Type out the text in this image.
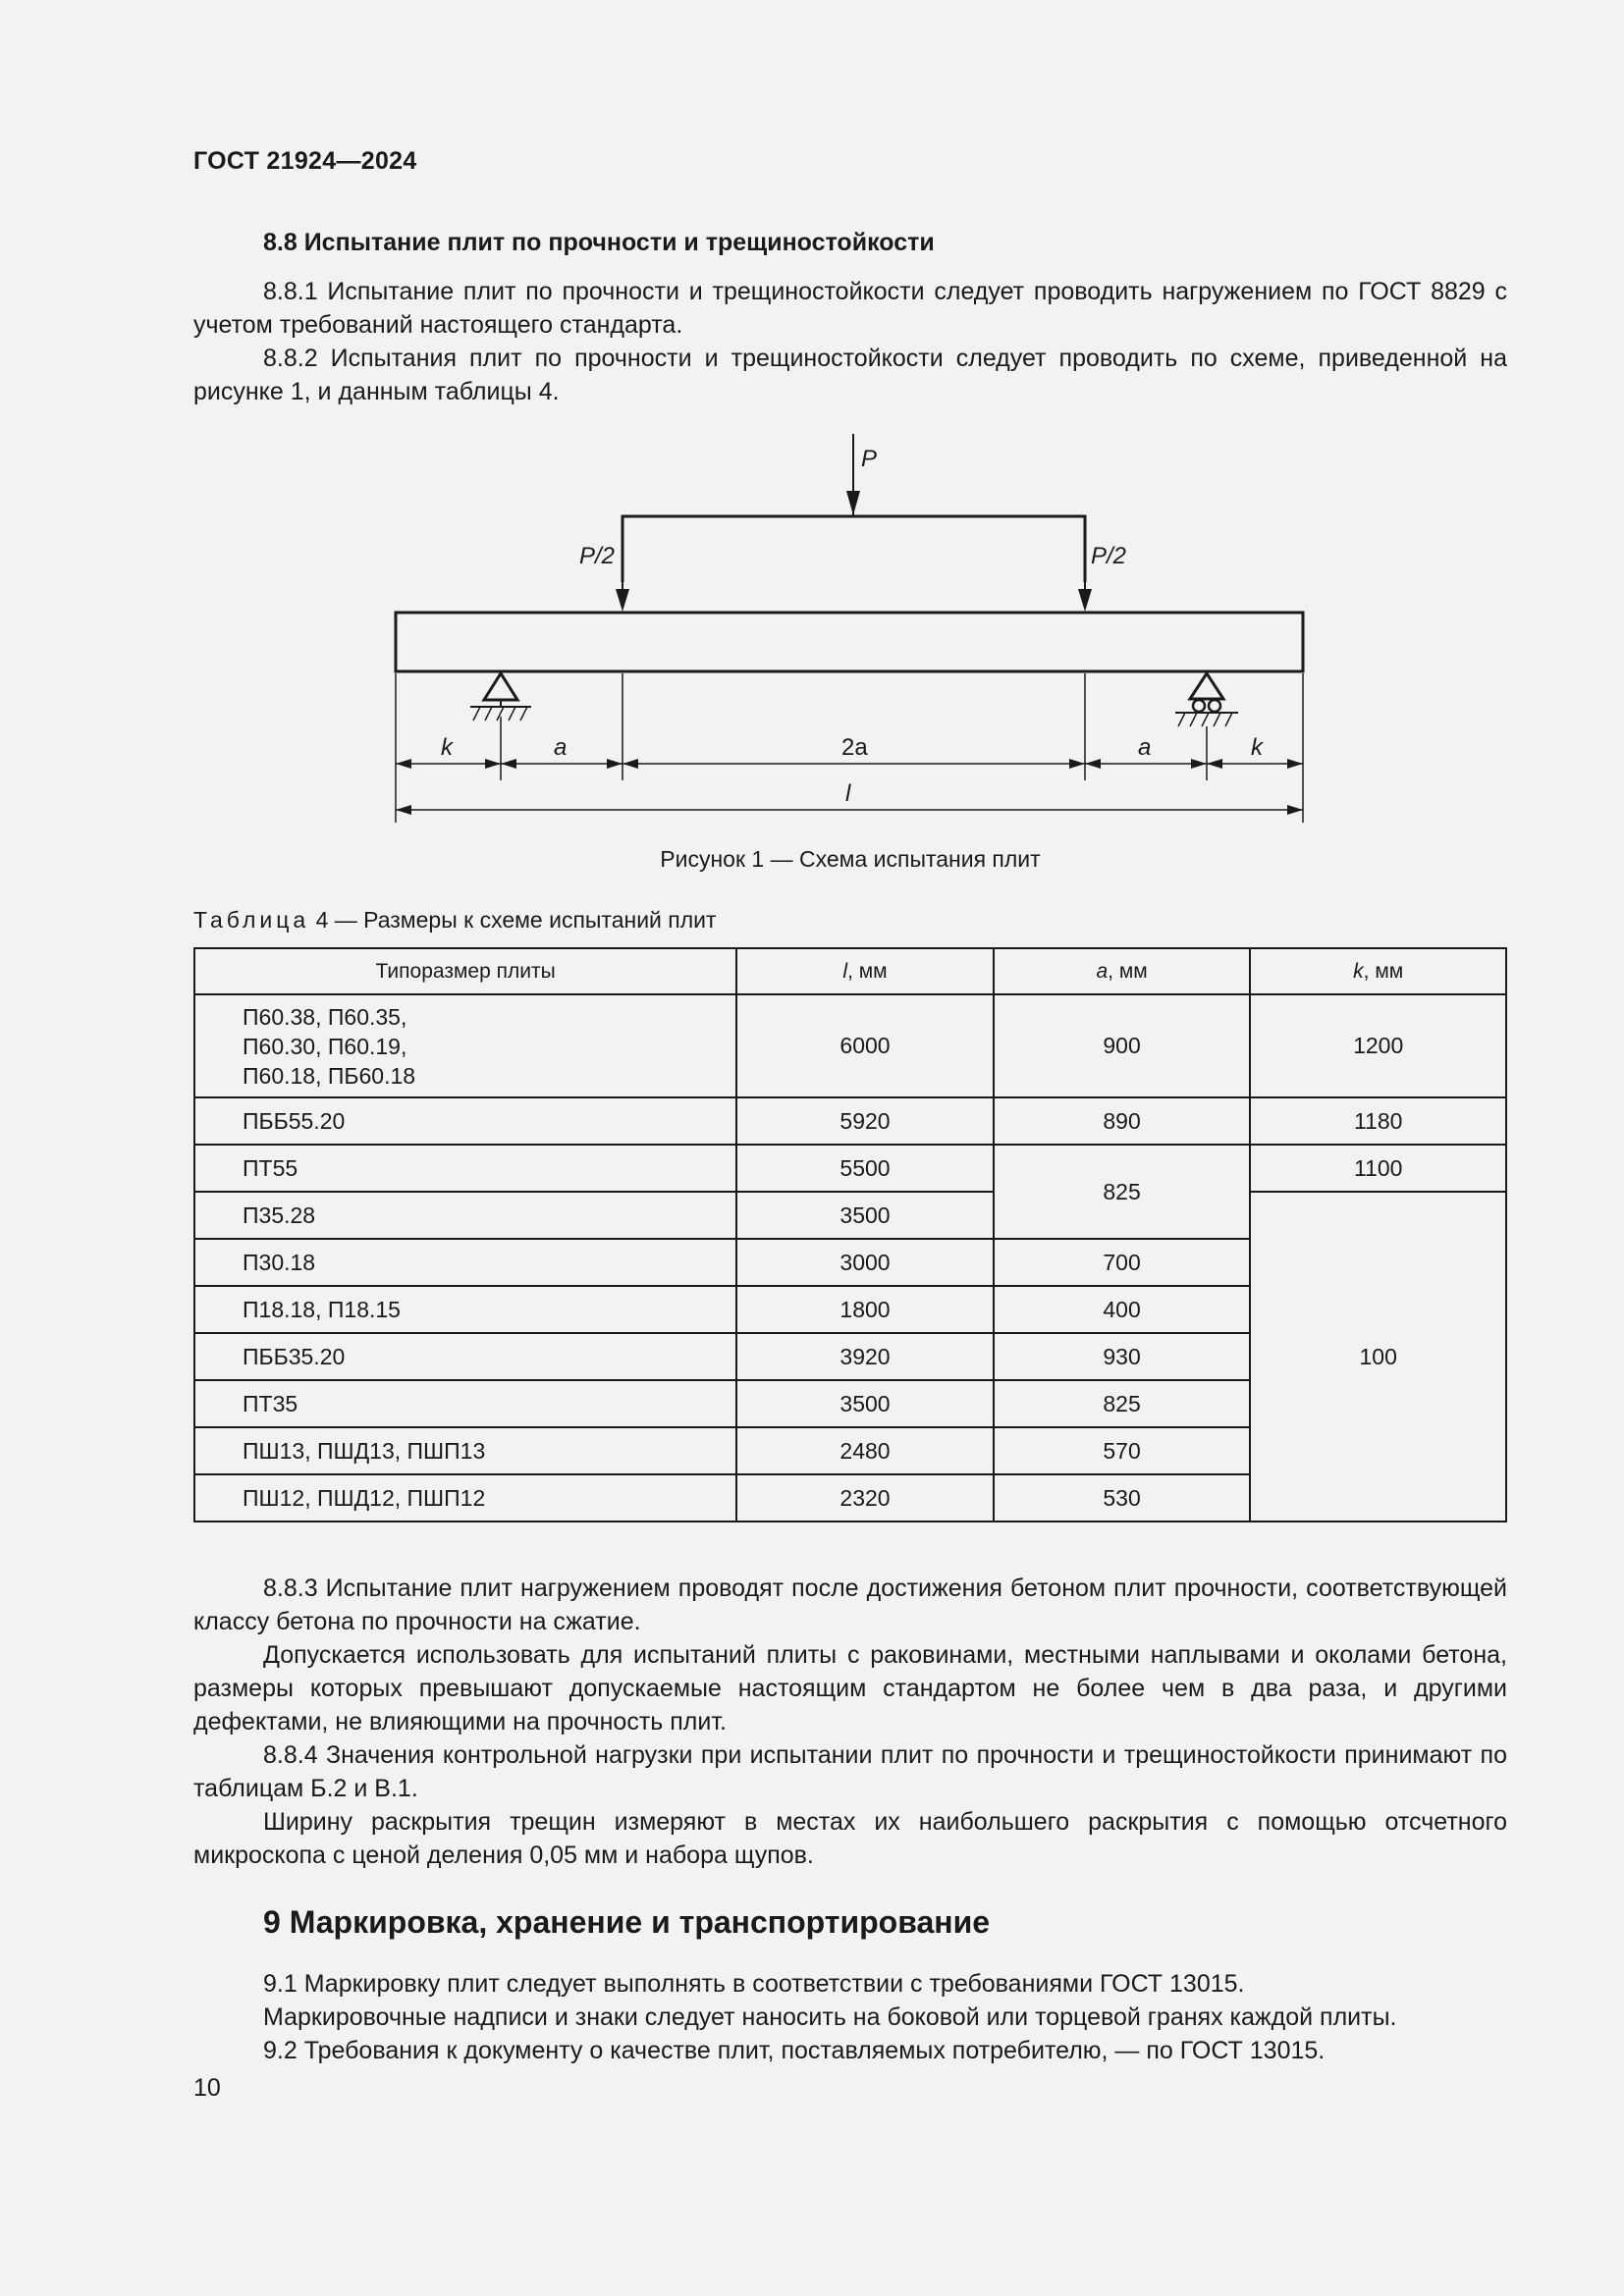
ГОСТ 21924—2024

8.8 Испытание плит по прочности и трещиностойкости

8.8.1 Испытание плит по прочности и трещиностойкости следует проводить нагружением по ГОСТ 8829 с учетом требований настоящего стандарта.

8.8.2 Испытания плит по прочности и трещиностойкости следует проводить по схеме, приведенной на рисунке 1, и данным таблицы 4.

P
P/2	P/2
k	a	2a	a	k
l
Рисунок 1 — Схема испытания плит
Таблица 4 — Размеры к схеме испытаний плит
Типоразмер плиты	l, мм	a, мм	k, мм

П60.38, П60.35,
П60.30, П60.19,
П60.18, ПБ60.18	6000	900	1200
ПББ55.20	5920	890	1180
ПТ55	5500	825	1100
П35.28	3500		100
П30.18	3000	700	
П18.18, П18.15	1800	400	
ПББ35.20	3920	930	
ПТ35	3500	825	
ПШ13, ПШД13, ПШП13	2480	570	
ПШ12, ПШД12, ПШП12	2320	530	

8.8.3 Испытание плит нагружением проводят после достижения бетоном плит прочности, соответствующей классу бетона по прочности на сжатие.

Допускается использовать для испытаний плиты с раковинами, местными наплывами и околами бетона, размеры которых превышают допускаемые настоящим стандартом не более чем в два раза, и другими дефектами, не влияющими на прочность плит.

8.8.4 Значения контрольной нагрузки при испытании плит по прочности и трещиностойкости принимают по таблицам Б.2 и В.1.

Ширину раскрытия трещин измеряют в местах их наибольшего раскрытия с помощью отсчетного микроскопа с ценой деления 0,05 мм и набора щупов.

9 Маркировка, хранение и транспортирование

9.1 Маркировку плит следует выполнять в соответствии с требованиями ГОСТ 13015.

Маркировочные надписи и знаки следует наносить на боковой или торцевой гранях каждой плиты.

9.2 Требования к документу о качестве плит, поставляемых потребителю, — по ГОСТ 13015.

10
